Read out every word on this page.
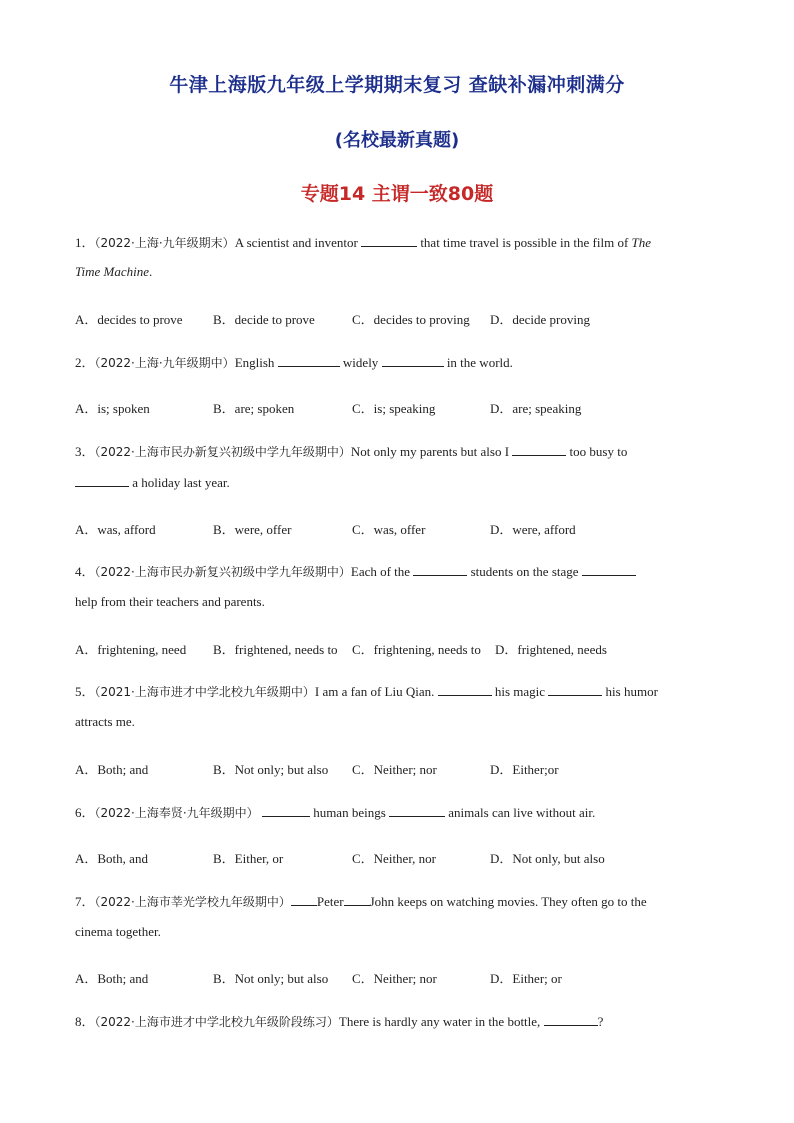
牛津上海版九年级上学期期末复习 查缺补漏冲刺满分
(名校最新真题)
专题14 主谓一致80题
1．（2022·上海·九年级期末）A scientist and inventor	that time travel is possible in the film of The
Time Machine.
A．decides to prove B．decide to prove	C．decides to proving D．decide proving
2．（2022·上海·九年级期中）English	widely	in the world.
A．is; spoken	B．are; spoken	C．is; speaking	D．are; speaking
3．（2022·上海市民办新复兴初级中学九年级期中）Not only my parents but also I	too busy to
a holiday last year.
A．was, afford	B．were, offer	C．was, offer	D．were, afford
4．（2022·上海市民办新复兴初级中学九年级期中）Each of the	students on the stage
help from their teachers and parents.
A．frightening, need B．frightened, needs to C．frightening, needs to D．frightened, needs
5．（2021·上海市进才中学北校九年级期中）I am a fan of Liu Qian.	his magic	his humor
attracts me.
A．Both; and	B．Not only; but also C．Neither; nor	D．Either;or
6．（2022·上海奉贤·九年级期中）	human beings	animals can live without air.
A．Both, and	B．Either, or	C．Neither, nor	D．Not only, but also
7．（2022·上海市莘光学校九年级期中） Peter John keeps on watching movies. They often go to the
cinema together.
A．Both; and	B．Not only; but also C．Neither; nor	D．Either; or
8．（2022·上海市进才中学北校九年级阶段练习）There is hardly any water in the bottle,	?
